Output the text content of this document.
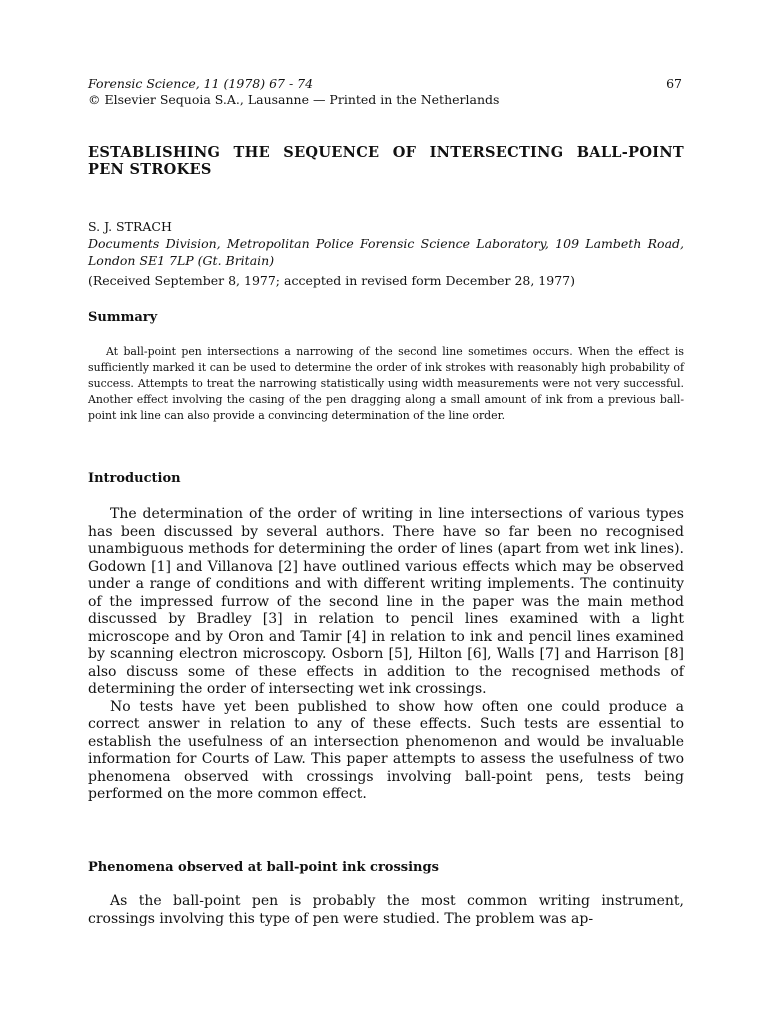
Forensic Science, 11 (1978) 67 - 74
© Elsevier Sequoia S.A., Lausanne — Printed in the Netherlands
67
ESTABLISHING THE SEQUENCE OF INTERSECTING BALL-POINT PEN STROKES
S. J. STRACH
Documents Division, Metropolitan Police Forensic Science Laboratory, 109 Lambeth Road, London SE1 7LP (Gt. Britain)
(Received September 8, 1977; accepted in revised form December 28, 1977)
Summary
At ball-point pen intersections a narrowing of the second line sometimes occurs. When the effect is sufficiently marked it can be used to determine the order of ink strokes with reasonably high probability of success. Attempts to treat the narrowing statistically using width measurements were not very successful. Another effect involving the casing of the pen dragging along a small amount of ink from a previous ball-point ink line can also provide a convincing determination of the line order.
Introduction

The determination of the order of writing in line intersections of various types has been discussed by several authors. There have so far been no recognised unambiguous methods for determining the order of lines (apart from wet ink lines). Godown [1] and Villanova [2] have outlined various effects which may be observed under a range of conditions and with different writing implements. The continuity of the impressed furrow of the second line in the paper was the main method discussed by Bradley [3] in relation to pencil lines examined with a light microscope and by Oron and Tamir [4] in relation to ink and pencil lines examined by scanning electron microscopy. Osborn [5], Hilton [6], Walls [7] and Harrison [8] also discuss some of these effects in addition to the recognised methods of determining the order of intersecting wet ink crossings.

No tests have yet been published to show how often one could produce a correct answer in relation to any of these effects. Such tests are essential to establish the usefulness of an intersection phenomenon and would be invaluable information for Courts of Law. This paper attempts to assess the usefulness of two phenomena observed with crossings involving ball-point pens, tests being performed on the more common effect.

Phenomena observed at ball-point ink crossings

As the ball-point pen is probably the most common writing instrument, crossings involving this type of pen were studied. The problem was ap-
